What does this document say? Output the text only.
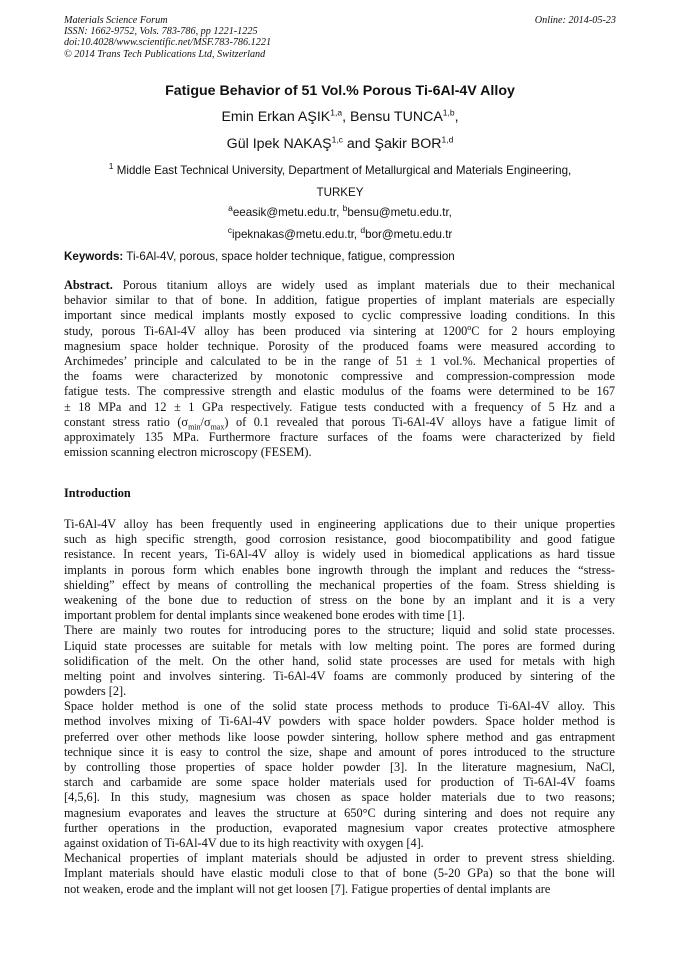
Materials Science Forum
ISSN: 1662-9752, Vols. 783-786, pp 1221-1225
doi:10.4028/www.scientific.net/MSF.783-786.1221
© 2014 Trans Tech Publications Ltd, Switzerland
Online: 2014-05-23
Fatigue Behavior of 51 Vol.% Porous Ti-6Al-4V Alloy
Emin Erkan AŞIK$^{1,a}$, Bensu TUNCA$^{1,b}$,
Gül Ipek NAKAŞ$^{1,c}$ and Şakir BOR$^{1,d}$
$^1$ Middle East Technical University, Department of Metallurgical and Materials Engineering,
TURKEY
$^a$eeasik@metu.edu.tr, $^b$bensu@metu.edu.tr,
$^c$ipeknakas@metu.edu.tr, $^d$bor@metu.edu.tr
Keywords: Ti-6Al-4V, porous, space holder technique, fatigue, compression
Abstract. Porous titanium alloys are widely used as implant materials due to their mechanical
behavior similar to that of bone. In addition, fatigue properties of implant materials are especially
important since medical implants mostly exposed to cyclic compressive loading conditions. In this
study, porous Ti-6Al-4V alloy has been produced via sintering at 1200$^o$C for 2 hours employing
magnesium space holder technique. Porosity of the produced foams were measured according to
Archimedes’ principle and calculated to be in the range of 51 ± 1 vol.%. Mechanical properties of
the foams were characterized by monotonic compressive and compression-compression mode
fatigue tests. The compressive strength and elastic modulus of the foams were determined to be 167
± 18 MPa and 12 ± 1 GPa respectively. Fatigue tests conducted with a frequency of 5 Hz and a
constant stress ratio $(\sigma_{min}/\sigma_{max})$ of 0.1 revealed that porous Ti-6Al-4V alloys have a fatigue limit of
approximately 135 MPa. Furthermore fracture surfaces of the foams were characterized by field
emission scanning electron microscopy (FESEM).
Introduction
Ti-6Al-4V alloy has been frequently used in engineering applications due to their unique properties
such as high specific strength, good corrosion resistance, good biocompatibility and good fatigue
resistance. In recent years, Ti-6Al-4V alloy is widely used in biomedical applications as hard tissue
implants in porous form which enables bone ingrowth through the implant and reduces the “stress-
shielding” effect by means of controlling the mechanical properties of the foam. Stress shielding is
weakening of the bone due to reduction of stress on the bone by an implant and it is a very
important problem for dental implants since weakened bone erodes with time [1].
There are mainly two routes for introducing pores to the structure; liquid and solid state processes.
Liquid state processes are suitable for metals with low melting point. The pores are formed during
solidification of the melt. On the other hand, solid state processes are used for metals with high
melting point and involves sintering. Ti-6Al-4V foams are commonly produced by sintering of the
powders [2].
Space holder method is one of the solid state process methods to produce Ti-6Al-4V alloy. This
method involves mixing of Ti-6Al-4V powders with space holder powders. Space holder method is
preferred over other methods like loose powder sintering, hollow sphere method and gas entrapment
technique since it is easy to control the size, shape and amount of pores introduced to the structure
by controlling those properties of space holder powder [3]. In the literature magnesium, NaCl,
starch and carbamide are some space holder materials used for production of Ti-6Al-4V foams
[4,5,6]. In this study, magnesium was chosen as space holder materials due to two reasons;
magnesium evaporates and leaves the structure at 650°C during sintering and does not require any
further operations in the production, evaporated magnesium vapor creates protective atmosphere
against oxidation of Ti-6Al-4V due to its high reactivity with oxygen [4].
Mechanical properties of implant materials should be adjusted in order to prevent stress shielding.
Implant materials should have elastic moduli close to that of bone (5-20 GPa) so that the bone will
not weaken, erode and the implant will not get loosen [7]. Fatigue properties of dental implants are
